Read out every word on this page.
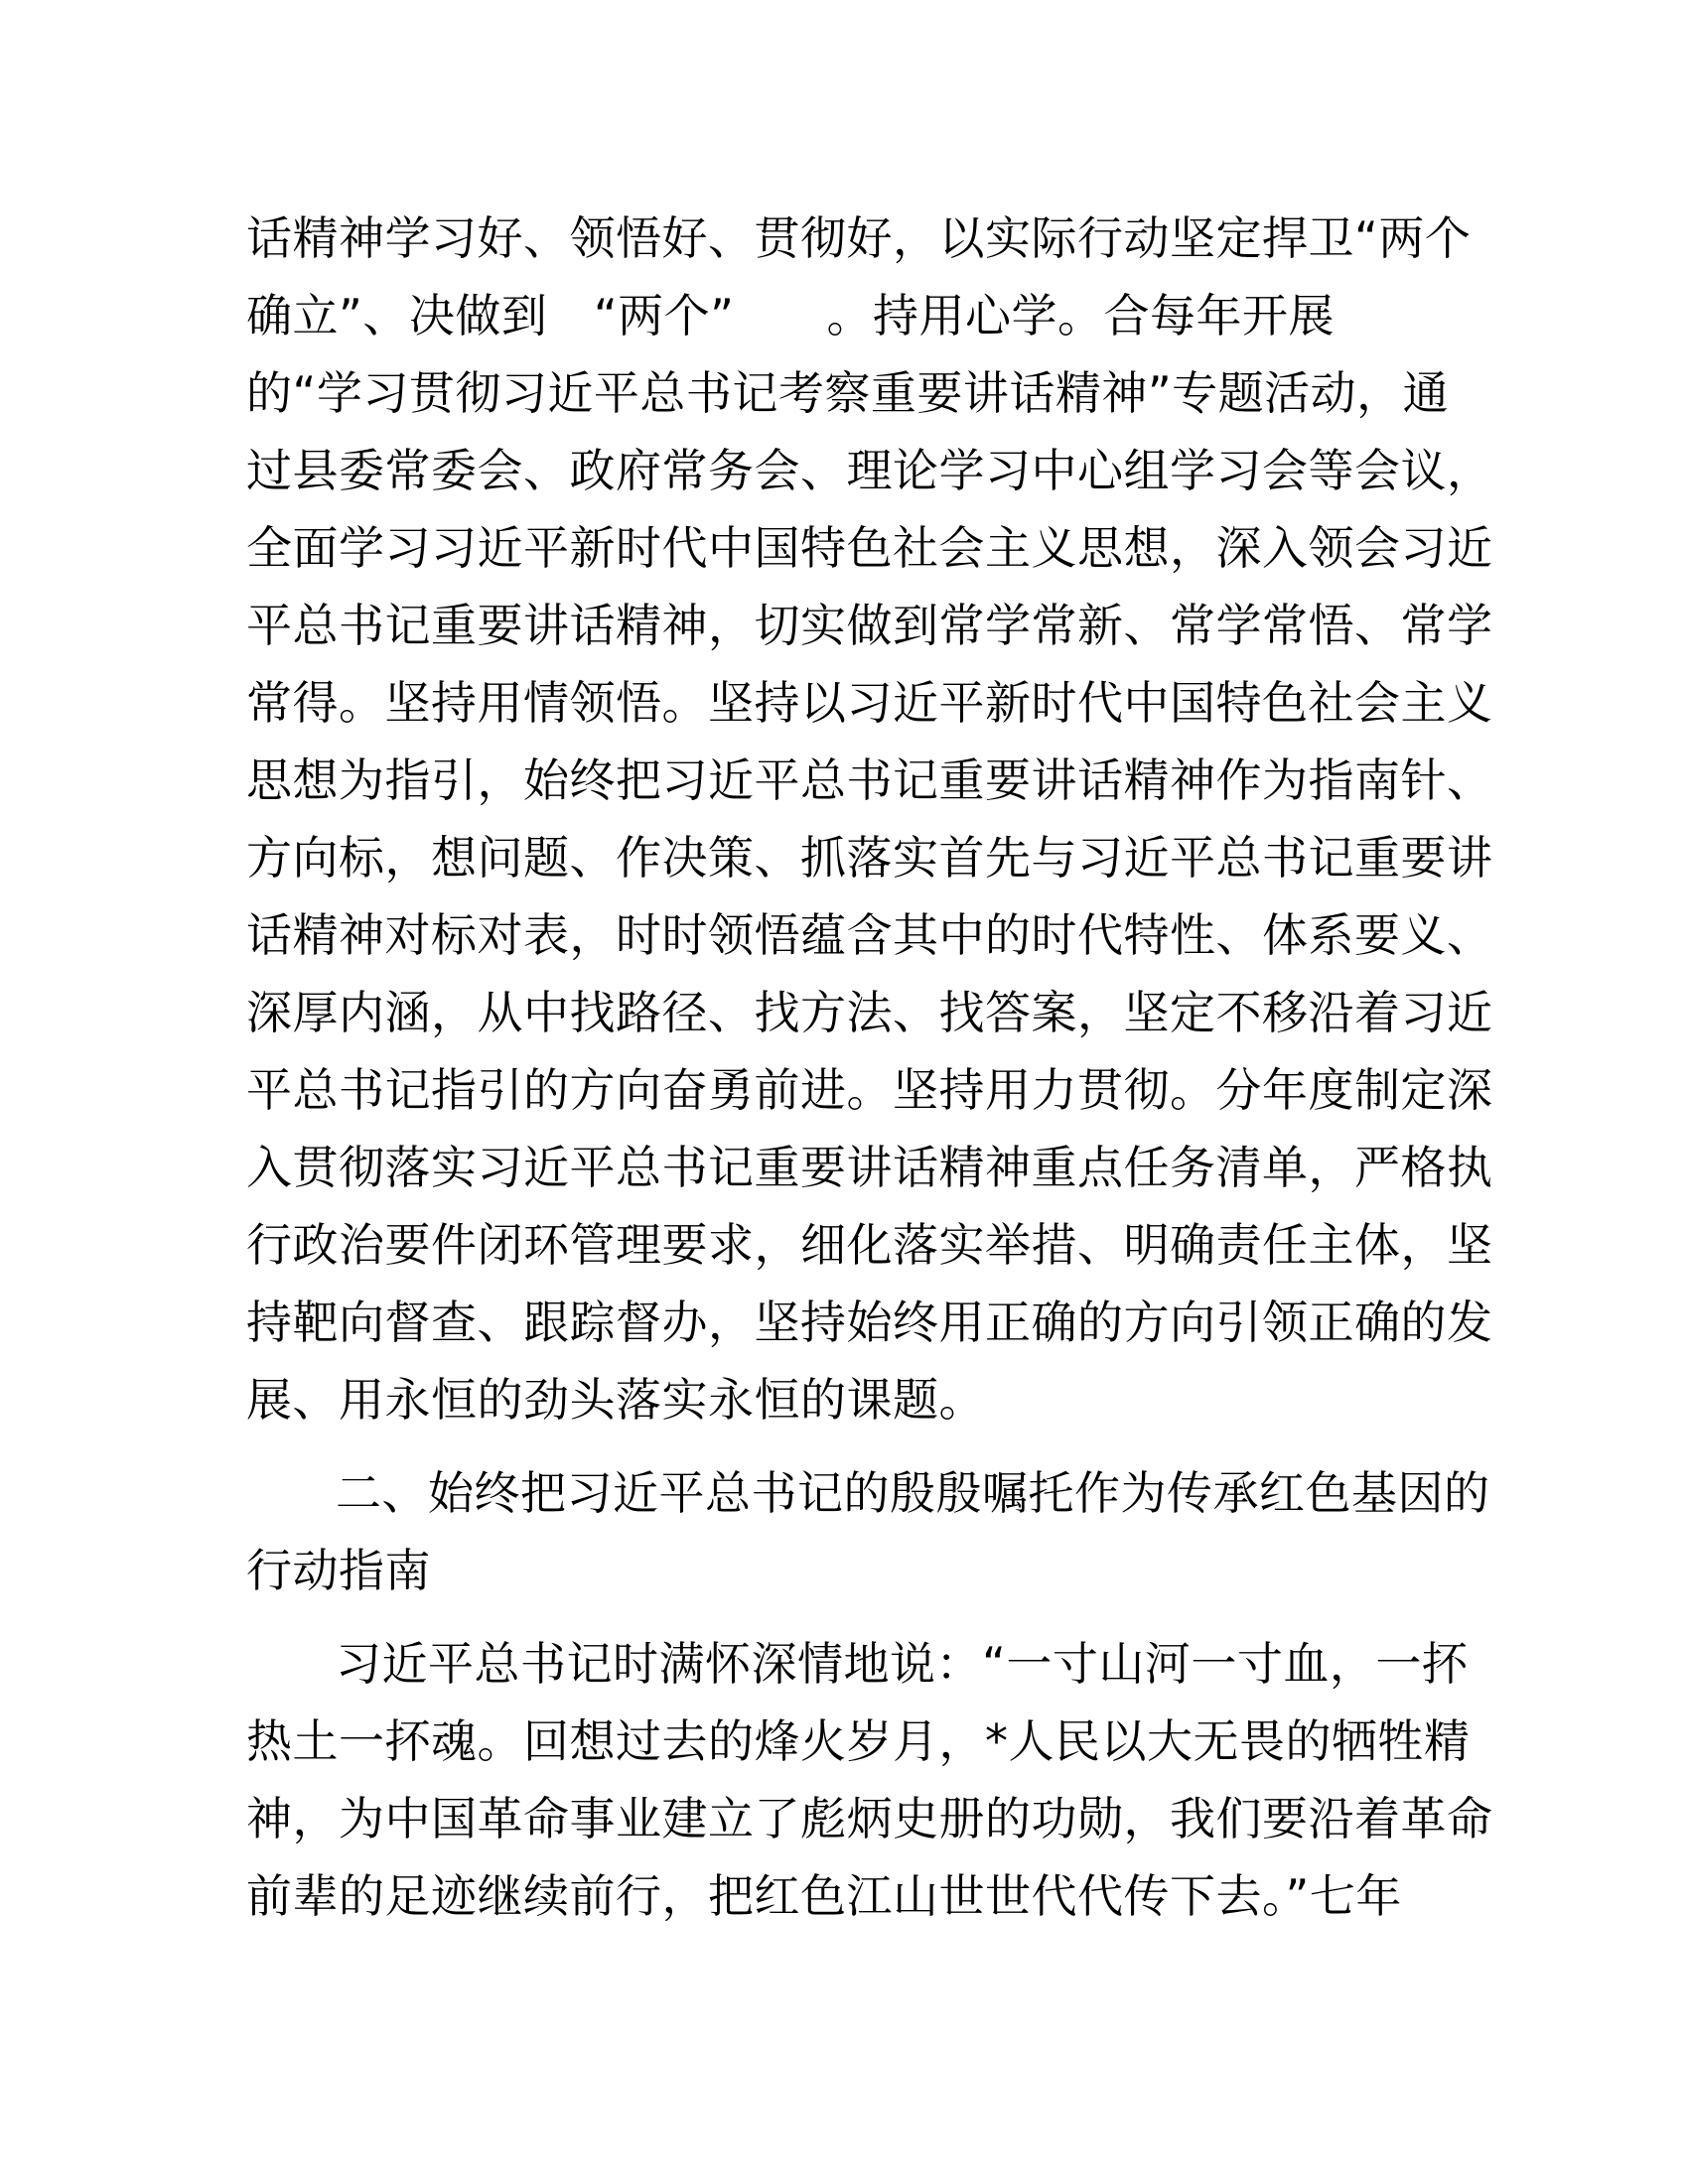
话精神学习好、领悟好、贯彻好，以实际行动坚定捍卫“两个
确立”、决做到　“两个”　　。持用心学。合每年开展
的“学习贯彻习近平总书记考察重要讲话精神”专题活动，通
过县委常委会、政府常务会、理论学习中心组学习会等会议，
全面学习习近平新时代中国特色社会主义思想，深入领会习近
平总书记重要讲话精神，切实做到常学常新、常学常悟、常学
常得。坚持用情领悟。坚持以习近平新时代中国特色社会主义
思想为指引，始终把习近平总书记重要讲话精神作为指南针、
方向标，想问题、作决策、抓落实首先与习近平总书记重要讲
话精神对标对表，时时领悟蕴含其中的时代特性、体系要义、
深厚内涵，从中找路径、找方法、找答案，坚定不移沿着习近
平总书记指引的方向奋勇前进。坚持用力贯彻。分年度制定深
入贯彻落实习近平总书记重要讲话精神重点任务清单，严格执
行政治要件闭环管理要求，细化落实举措、明确责任主体，坚
持靶向督查、跟踪督办，坚持始终用正确的方向引领正确的发
展、用永恒的劲头落实永恒的课题。
二、始终把习近平总书记的殷殷嘱托作为传承红色基因的
行动指南
习近平总书记时满怀深情地说：“一寸山河一寸血，一抔
热土一抔魂。回想过去的烽火岁月，*人民以大无畏的牺牲精
神，为中国革命事业建立了彪炳史册的功勋，我们要沿着革命
前辈的足迹继续前行，把红色江山世世代代传下去。”七年
